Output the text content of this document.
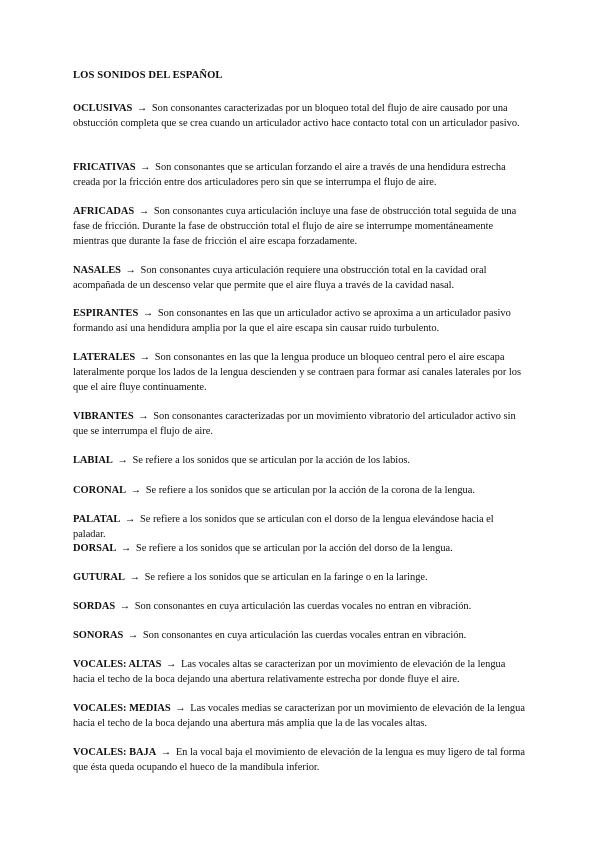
LOS SONIDOS DEL ESPAÑOL
OCLUSIVAS → Son consonantes caracterizadas por un bloqueo total del flujo de aire causado por una obstucción completa que se crea cuando un articulador activo hace contacto total con un articulador pasivo.
FRICATIVAS → Son consonantes que se articulan forzando el aire a través de una hendidura estrecha creada por la fricción entre dos articuladores pero sin que se interrumpa el flujo de aire.
AFRICADAS → Son consonantes cuya articulación incluye una fase de obstrucción total seguida de una fase de fricción. Durante la fase de obstrucción total el flujo de aire se interrumpe momentáneamente mientras que durante la fase de fricción el aire escapa forzadamente.
NASALES → Son consonantes cuya articulación requiere una obstrucción total en la cavidad oral acompañada de un descenso velar que permite que el aire fluya a través de la cavidad nasal.
ESPIRANTES → Son consonantes en las que un articulador activo se aproxima a un articulador pasivo formando así una hendidura amplia por la que el aire escapa sin causar ruido turbulento.
LATERALES → Son consonantes en las que la lengua produce un bloqueo central pero el aire escapa lateralmente porque los lados de la lengua descienden y se contraen para formar así canales laterales por los que el aire fluye continuamente.
VIBRANTES → Son consonantes caracterizadas por un movimiento vibratorio del articulador activo sin que se interrumpa el flujo de aire.
LABIAL → Se refiere a los sonidos que se articulan por la acción de los labios.
CORONAL → Se refiere a los sonidos que se articulan por la acción de la corona de la lengua.
PALATAL → Se refiere a los sonidos que se articulan con el dorso de la lengua elevándose hacia el paladar.
DORSAL → Se refiere a los sonidos que se articulan por la acción del dorso de la lengua.
GUTURAL → Se refiere a los sonidos que se articulan en la faringe o en la laringe.
SORDAS → Son consonantes en cuya articulación las cuerdas vocales no entran en vibración.
SONORAS → Son consonantes en cuya articulación las cuerdas vocales entran en vibración.
VOCALES: ALTAS → Las vocales altas se caracterizan por un movimiento de elevación de la lengua hacia el techo de la boca dejando una abertura relativamente estrecha por donde fluye el aire.
VOCALES: MEDIAS → Las vocales medias se caracterizan por un movimiento de elevación de la lengua hacia el techo de la boca dejando una abertura más amplia que la de las vocales altas.
VOCALES: BAJA → En la vocal baja el movimiento de elevación de la lengua es muy ligero de tal forma que ésta queda ocupando el hueco de la mandíbula inferior.
